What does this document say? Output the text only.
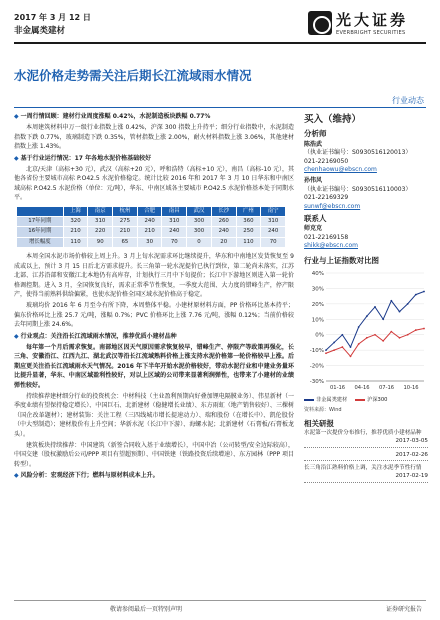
2017 年 3 月 12 日
非金属类建材
光大证券
EVERBRIGHT SECURITIES
水泥价格走势需关注后期长江流域雨水情况
行业动态
◆ 一周行情回顾：建材行业周度涨幅 0.42%，水泥制造板块跌幅 0.77%
本周建筑材料申万一级行业指数上涨 0.42%，沪深 300 指数上升持平；细分行业指数中，水泥制造指数下跌 0.77%，玻璃制造下跌 0.35%，管材指数上涨 2.00%，耐火材料指数上涨 3.06%，其他建材指数上涨 1.43%。
◆ 基于行业运行情况：17 年各地水泥价格基础较好
北京/天津（高标+30 元），武汉（高标+20 元），呼和浩特（高标+10 元），南昌（高标-10 元），其他各省份主要城市高标 P.O42.5 水泥价格稳定。统计比较 2016 年和 2017 年 3 月 10 日华东和中南区域高标 P.O42.5 水泥价格（单位：元/吨），华东、中南区域各主要城市 P.O42.5 水泥价格基本处于同期水平。
	上海	南京	杭州	合肥	南昌	武汉	长沙	广州	南宁
17年同期	320	310	275	240	310	300	260	360	310
16年同期	210	220	210	210	240	300	240	250	240
增长幅度	110	90	65	30	70	0	20	110	70
本周全国水泥市场价格较上周上升。3 月上旬水泥需求环比继续提升，华东和中南地区发货恢复至 9 成或以上，预计 3 月 15 日后北方需求提升。长三角第一轮水泥提价已执行到位，第二轮尚未落实，江苏北部、江苏沿部和安徽江北本地仍有高库存，计划执行三月中下旬提价；长江中下游地区则进入第一轮价格调控期。进入 3 月，全国恢复良好，需求正常季节性恢复，一季度大范围、大力度的错峰生产，停产限产，使得当前熟料供给偏紧，也使水泥价格全国区域水泥价格高于稳定。
玻璃均价 2016 年 6 月至今有所下降，本周整体平稳。小建材原材料方面，PP 价格环比基本持平；偏东价格环比上涨 25.7 元/吨，涨幅 0.7%；PVC 价格环比上涨 7.76 元/吨，涨幅 0.12%；当前价格较去年同期上涨 24.6%。
◆ 行业观点：关注沿长江流域雨水情况，推荐优质小建材品种
每年第一个月后需求恢复。南部地区因天气原因需求恢复较早，错峰生产、停限产等政策再强化，长三角、安徽沿江、江西九江、湖北武汉等沿长江流域熟料价格上涨支持水泥价格第一轮价格较早上涨。后期应更关注沿长江流域雨水天气情况。2016 年下半年开始水泥价格较好，带动水泥行业和中建业务量环比提升显著，华东、中南区域盈利性较好，对以上区域的公司带来显著利润弹性，也带来了小建材的业绩弹性较好。
持续推荐建材细分行业的投资机会：中材科技（主业盈利预期向好叠加锂电隔膜业务）、伟星新材（一季度业绩有望保持稳定增长）、中国巨石、北新建材（稳健增长业绩）、东方雨虹（地产销售较好）、三棵树（国企改革题材）；建材装饰：关注工程（三四线城市增长提速动力）、瑞和股份（在增长中）、凯伦股份（中大型制造）；建材股价有上升空间；华新水泥（长江中下游）、海螺水泥；北新建材（石膏板/石膏板龙头）。
建筑板块持续推荐：中国建筑（新签合同收入基于业绩增长），中国中冶（公司转型/安全边际较高），中国交建（股权激励后公司/PPP 项目有望超预期）、中国铁建（铁路投资后续增速）、东方园林（PPP 项目转型）。
◆ 风险分析：宏观经济下行；燃料与原材料成本上升。
买入（维持）
分析师
陈浩武（执业证书编号：S0930516120013）
021-22169050
chenhaowu@ebscn.com
孙伟风（执业证书编号：S0930516110003）
021-22169329
sunwf@ebscn.com
联系人
师克克
021-22169158
shikk@ebscn.com
行业与上证指数对比图
40%
30%
20%
10%
0%
-10%
-20%
-30%
01-16 04-16 07-16 10-16
非金属类建材	沪深300
资料来源：Wind
相关研报
水泥第一次提价分布推行，推荐优质小建材品种
2017-03-05
2017-02-26
长三角沿江熟料价格上调，关注水泥季节性行情
2017-02-19
敬请参阅最后一页特别声明	证券研究报告
